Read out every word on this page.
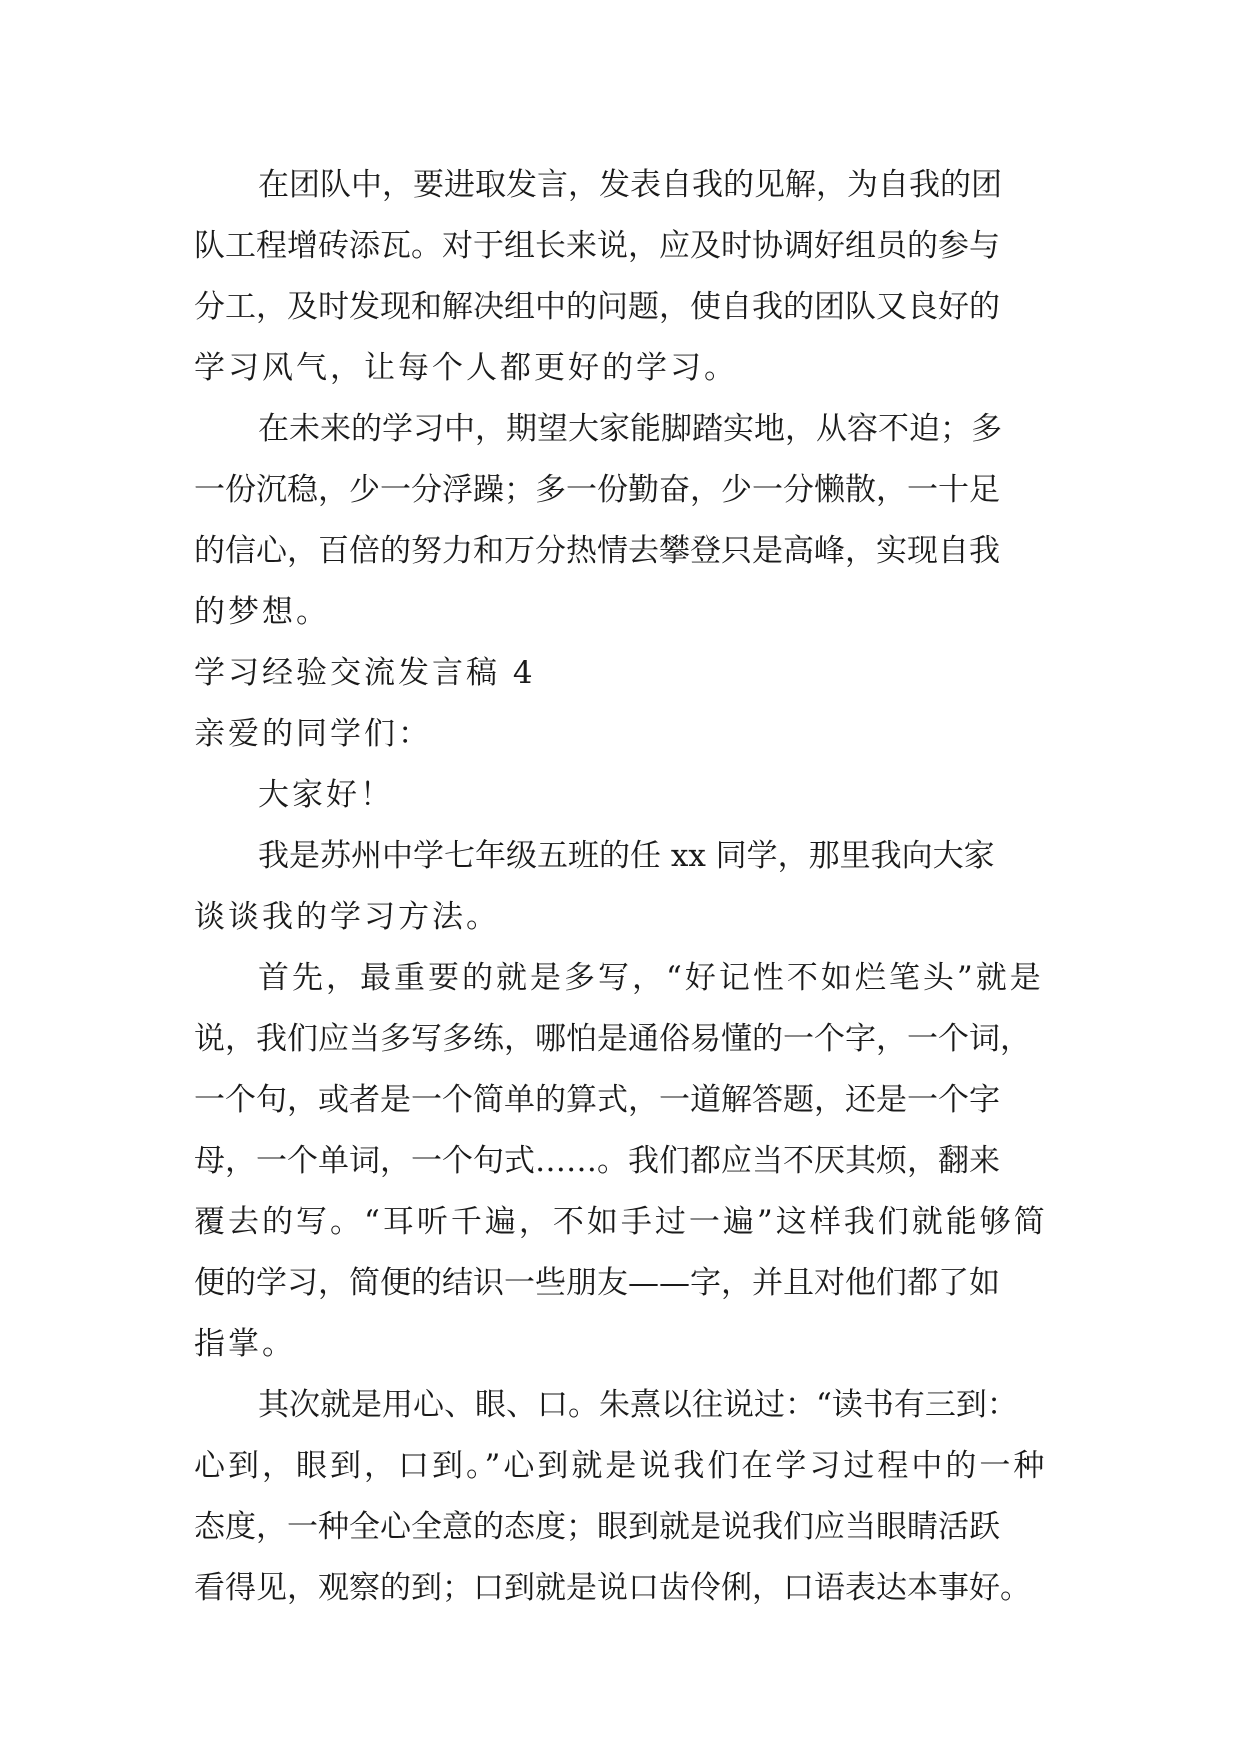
在团队中，要进取发言，发表自我的见解，为自我的团
队工程增砖添瓦。对于组长来说，应及时协调好组员的参与
分工，及时发现和解决组中的问题，使自我的团队又良好的
学习风气，让每个人都更好的学习。
在未来的学习中，期望大家能脚踏实地，从容不迫；多
一份沉稳，少一分浮躁；多一份勤奋，少一分懒散，一十足
的信心，百倍的努力和万分热情去攀登只是高峰，实现自我
的梦想。
学习经验交流发言稿 4
亲爱的同学们：
大家好！
我是苏州中学七年级五班的任 xx 同学，那里我向大家
谈谈我的学习方法。
首先，最重要的就是多写，“好记性不如烂笔头”就是
说，我们应当多写多练，哪怕是通俗易懂的一个字，一个词，
一个句，或者是一个简单的算式，一道解答题，还是一个字
母，一个单词，一个句式……。我们都应当不厌其烦，翻来
覆去的写。“耳听千遍，不如手过一遍”这样我们就能够简
便的学习，简便的结识一些朋友——字，并且对他们都了如
指掌。
其次就是用心、眼、口。朱熹以往说过：“读书有三到：
心到，眼到，口到。”心到就是说我们在学习过程中的一种
态度，一种全心全意的态度；眼到就是说我们应当眼睛活跃
看得见，观察的到；口到就是说口齿伶俐，口语表达本事好。
